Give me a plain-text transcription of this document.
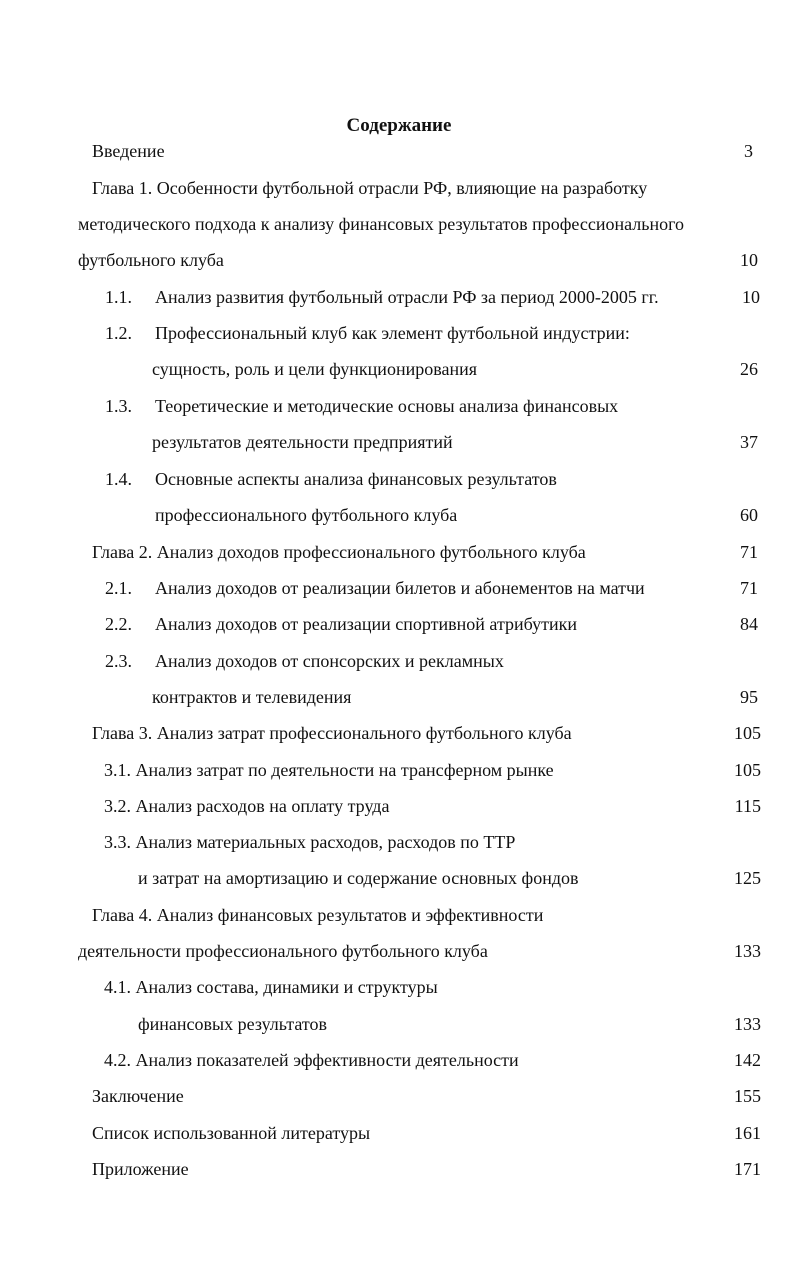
Содержание
Введение	3
Глава 1. Особенности футбольной отрасли РФ, влияющие на разработку
методического подхода к анализу финансовых результатов профессионального
футбольного клуба	10
1.1. Анализ развития футбольный отрасли РФ за период 2000-2005 гг.	10
1.2. Профессиональный клуб как элемент футбольной индустрии:
сущность, роль и цели функционирования	26
1.3. Теоретические и методические основы анализа финансовых
результатов деятельности предприятий	37
1.4. Основные аспекты анализа финансовых результатов
профессионального футбольного клуба	60
Глава 2. Анализ доходов профессионального футбольного клуба	71
2.1. Анализ доходов от реализации билетов и абонементов на матчи	71
2.2. Анализ доходов от реализации спортивной атрибутики	84
2.3. Анализ доходов от спонсорских и рекламных
контрактов и телевидения	95
Глава 3. Анализ затрат профессионального футбольного клуба	105
3.1. Анализ затрат по деятельности на трансферном рынке	105
3.2. Анализ расходов на оплату труда	115
3.3. Анализ материальных расходов, расходов по ТТР
и затрат на амортизацию и содержание основных фондов	125
Глава 4. Анализ финансовых результатов и эффективности
деятельности профессионального футбольного клуба	133
4.1. Анализ состава, динамики и структуры
финансовых результатов	133
4.2. Анализ показателей эффективности деятельности	142
Заключение	155
Список использованной литературы	161
Приложение	171
